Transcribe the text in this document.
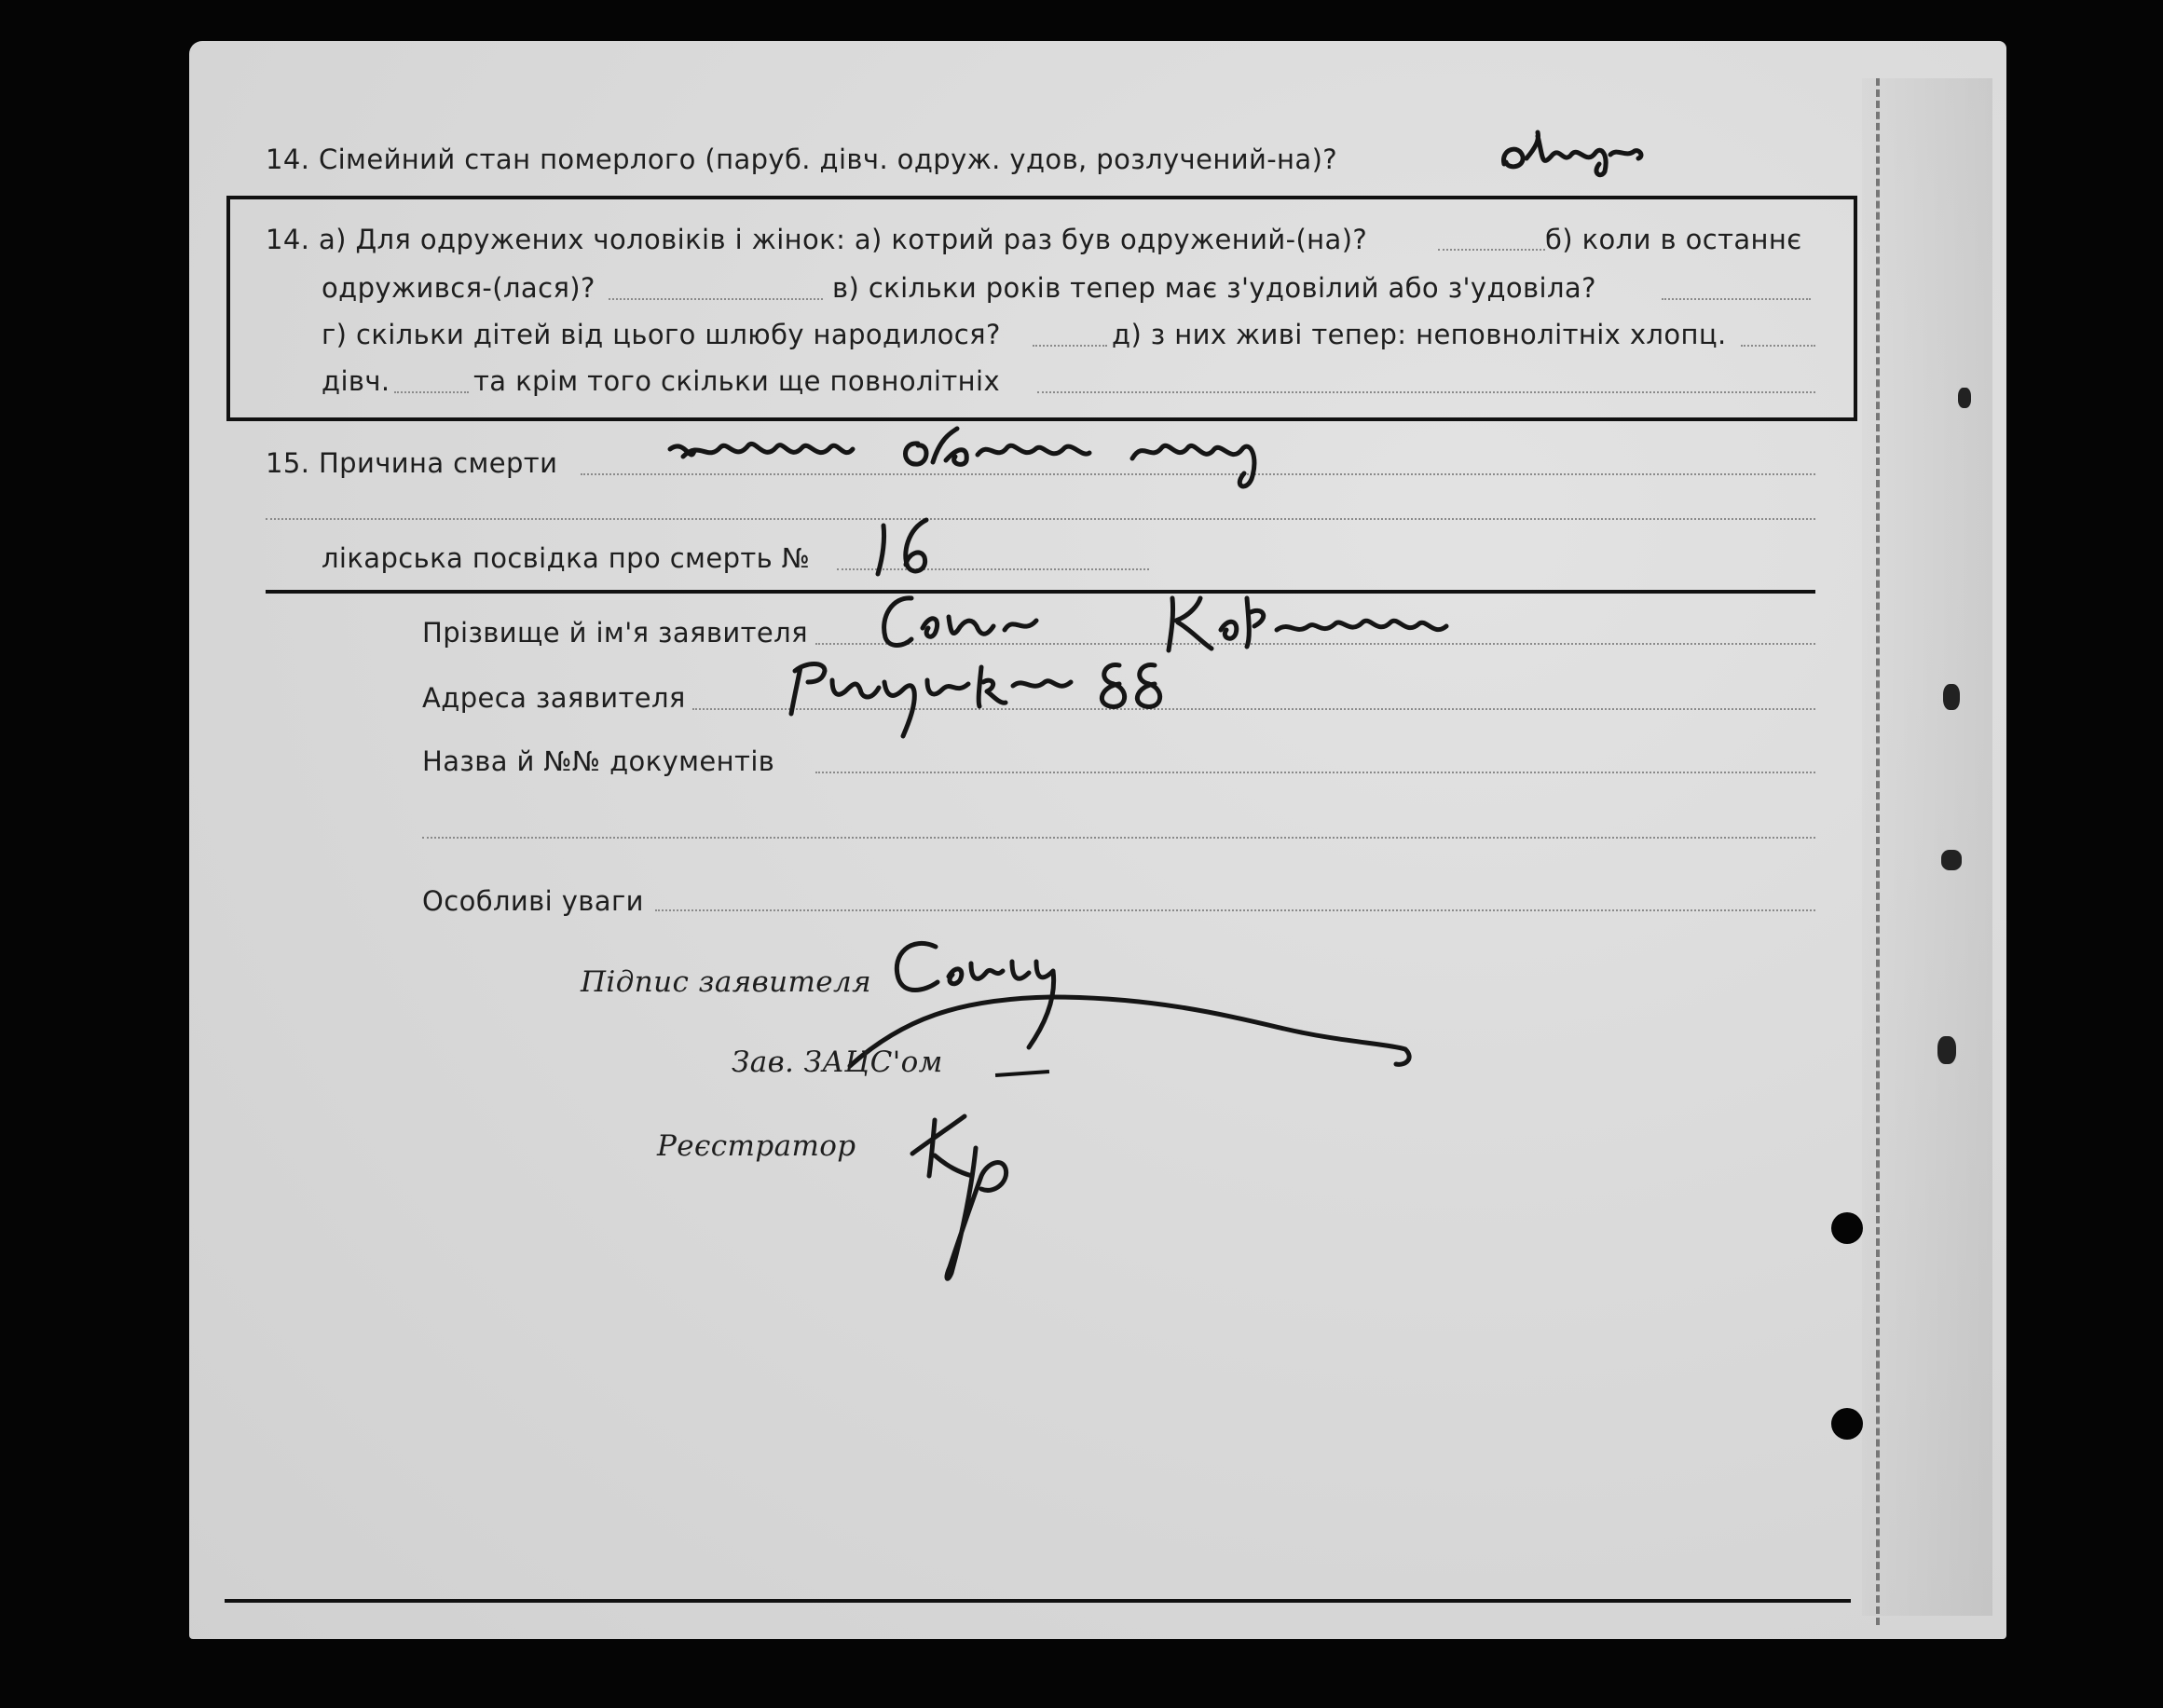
14. Сімейний стан померлого (паруб. дівч. одруж. удов, розлучений-на)?
14. а) Для одружених чоловіків і жінок: а) котрий раз був одружений-(на)?	б) коли в останнє
одружився-(лася)?	в) скільки років тепер має з'удовілий або з'удовіла?
г) скільки дітей від цього шлюбу народилося?	д) з них живі тепер: неповнолітніх хлопц.
дівч.	та крім того скільки ще повнолітніх
15. Причина смерти
лікарська посвідка про смерть №
Прізвище й ім'я заявителя
Адреса заявителя
Назва й №№ документів
Особливі уваги
Підпис заявителя
Зав. ЗАЦС'ом
Реєстратор
